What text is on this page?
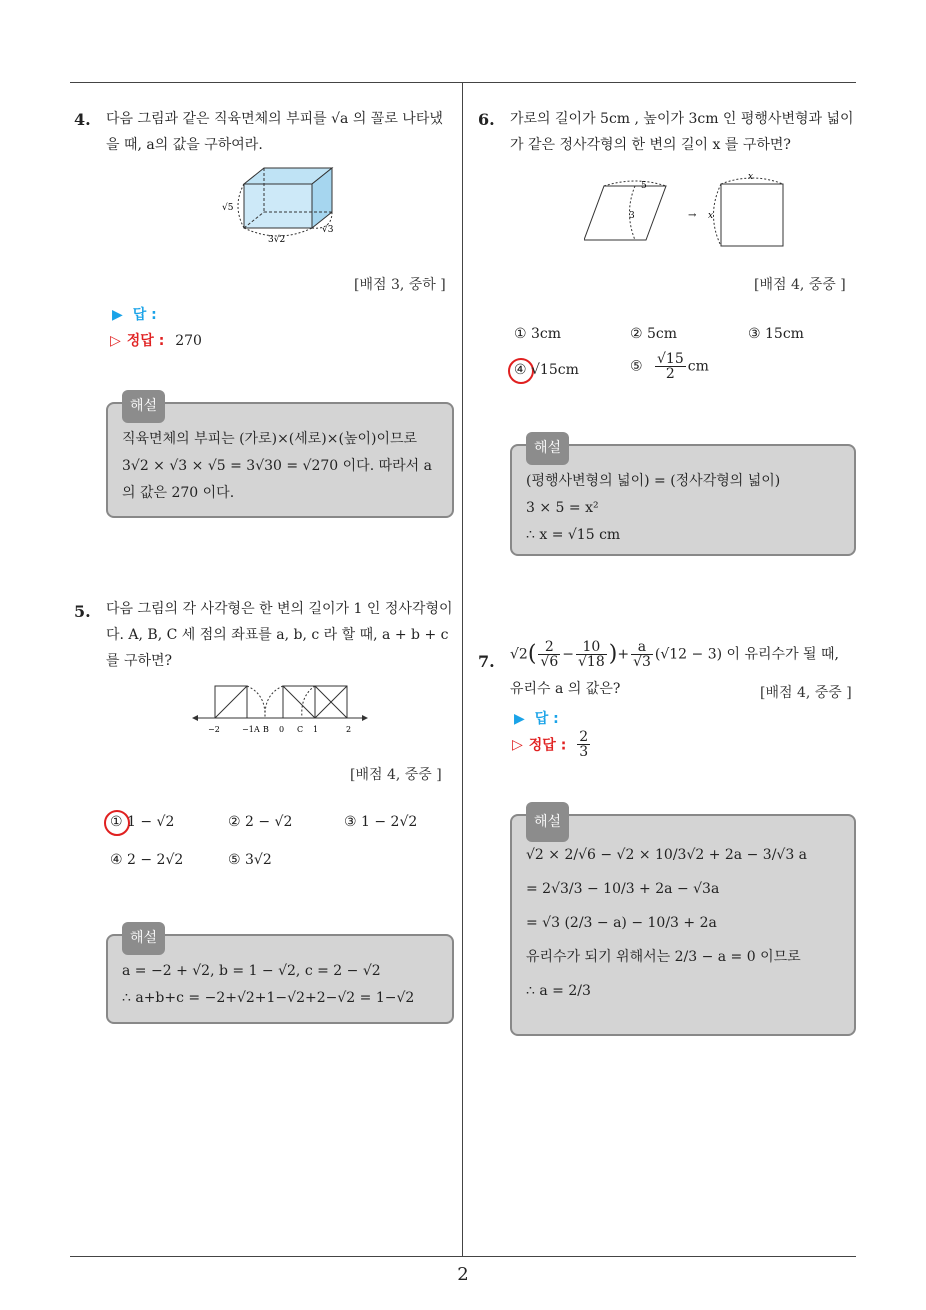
4. 다음 그림과 같은 직육면체의 부피를 √a 의 꼴로 나타냈을 때, a의 값을 구하여라.
√5
3√2
√3
[배점 3, 중하 ]
▶ 답 :
▷ 정답 : 270
해설
직육면체의 부피는 (가로)×(세로)×(높이)이므로
3√2 × √3 × √5 = 3√30 = √270 이다. 따라서 a
의 값은 270 이다.
5. 다음 그림의 각 사각형은 한 변의 길이가 1 인 정사각형이다. A, B, C 세 점의 좌표를 a, b, c 라 할 때, a + b + c 를 구하면?
−2	−1 A B 0 C 1	2
[배점 4, 중중 ]
① 1 − √2	② 2 − √2	③ 1 − 2√2
④ 2 − 2√2	⑤ 3√2
해설
a = −2 + √2, b = 1 − √2, c = 2 − √2
∴ a+b+c = −2+√2+1−√2+2−√2 = 1−√2
6. 가로의 길이가 5cm , 높이가 3cm 인 평행사변형과 넓이가 같은 정사각형의 한 변의 길이 x 를 구하면?
5
3	→
x
x
[배점 4, 중중 ]
① 3cm	② 5cm	③ 15cm
④ √15cm	⑤ $\frac{√15}{2}$ cm
해설
(평행사변형의 넓이) = (정사각형의 넓이)
3 × 5 = x²
∴ x = √15 cm
7. $√2( \frac{2}{√6} - \frac{10}{√18}$ )+ $\frac{a}{√3} (√12 - 3)$ 이 유리수가 될 때,
유리수 a 의 값은?	[배점 4, 중중 ]
▶ 답 :
▷ 정답 : $\frac{2}{3}$
해설
√2 × 2/√6 − √2 × 10/3√2 + 2a − 3/√3 a
= 2√3/3 − 10/3 + 2a − √3a
= √3 (2/3 − a) − 10/3 + 2a
유리수가 되기 위해서는 2/3 − a = 0 이므로
∴ a = 2/3
2
